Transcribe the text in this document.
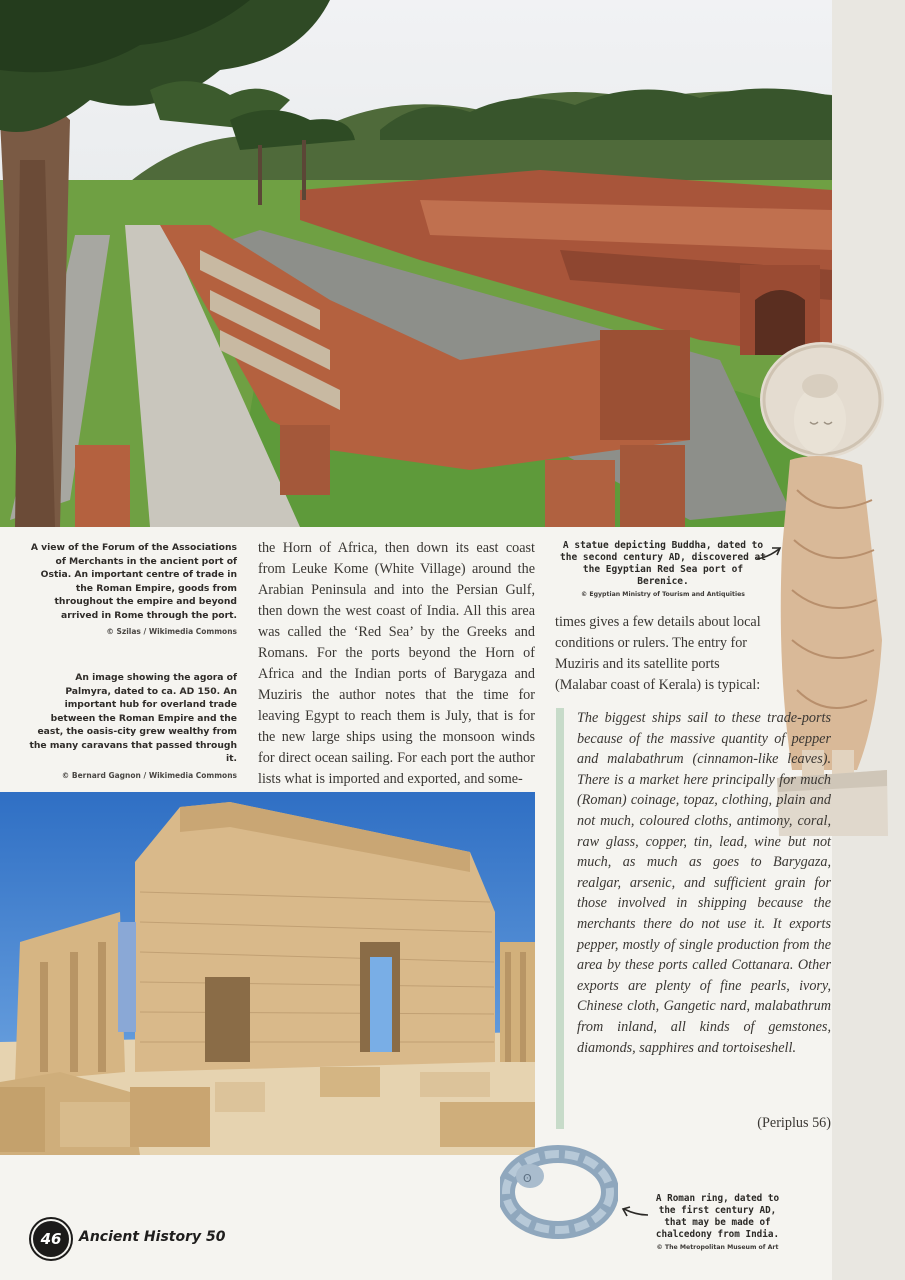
A view of the Forum of the Associations of Merchants in the ancient port of Ostia. An important centre of trade in the Roman Empire, goods from throughout the empire and beyond arrived in Rome through the port.

© Szilas / Wikimedia Commons

An image showing the agora of Palmyra, dated to ca. AD 150. An important hub for overland trade between the Roman Empire and the east, the oasis-city grew wealthy from the many caravans that passed through it.

© Bernard Gagnon / Wikimedia Commons

the Horn of Africa, then down its east coast from Leuke Kome (White Village) around the Arabian Peninsula and into the Persian Gulf, then down the west coast of India. All this area was called the ‘Red Sea’ by the Greeks and Romans. For the ports beyond the Horn of Africa and the Indian ports of Barygaza and Muziris the author notes that the time for leaving Egypt to reach them is July, that is for the new large ships using the monsoon winds for direct ocean sailing. For each port the author lists what is imported and exported, and some-

A statue depicting Buddha, dated to the second century AD, discovered at the Egyptian Red Sea port of Berenice.

© Egyptian Ministry of Tourism and Antiquities

times gives a few details about local conditions or rulers. The entry for Muziris and its satellite ports (Malabar coast of Kerala) is typical:

The biggest ships sail to these trade-ports because of the massive quantity of pepper and malabathrum (cinnamon-like leaves). There is a market here principally for much (Roman) coinage, topaz, clothing, plain and not much, coloured cloths, antimony, coral, raw glass, copper, tin, lead, wine but not much, as much as goes to Barygaza, realgar, arsenic, and sufficient grain for those involved in shipping because the merchants there do not use it. It exports pepper, mostly of single production from the area by these ports called Cottanara. Other exports are plenty of fine pearls, ivory, Chinese cloth, Gangetic nard, malabathrum from inland, all kinds of gemstones, diamonds, sapphires and tortoiseshell.

(Periplus 56)

ʘ

A Roman ring, dated to the first century AD, that may be made of chalcedony from India.

© The Metropolitan Museum of Art

46 Ancient History 50
